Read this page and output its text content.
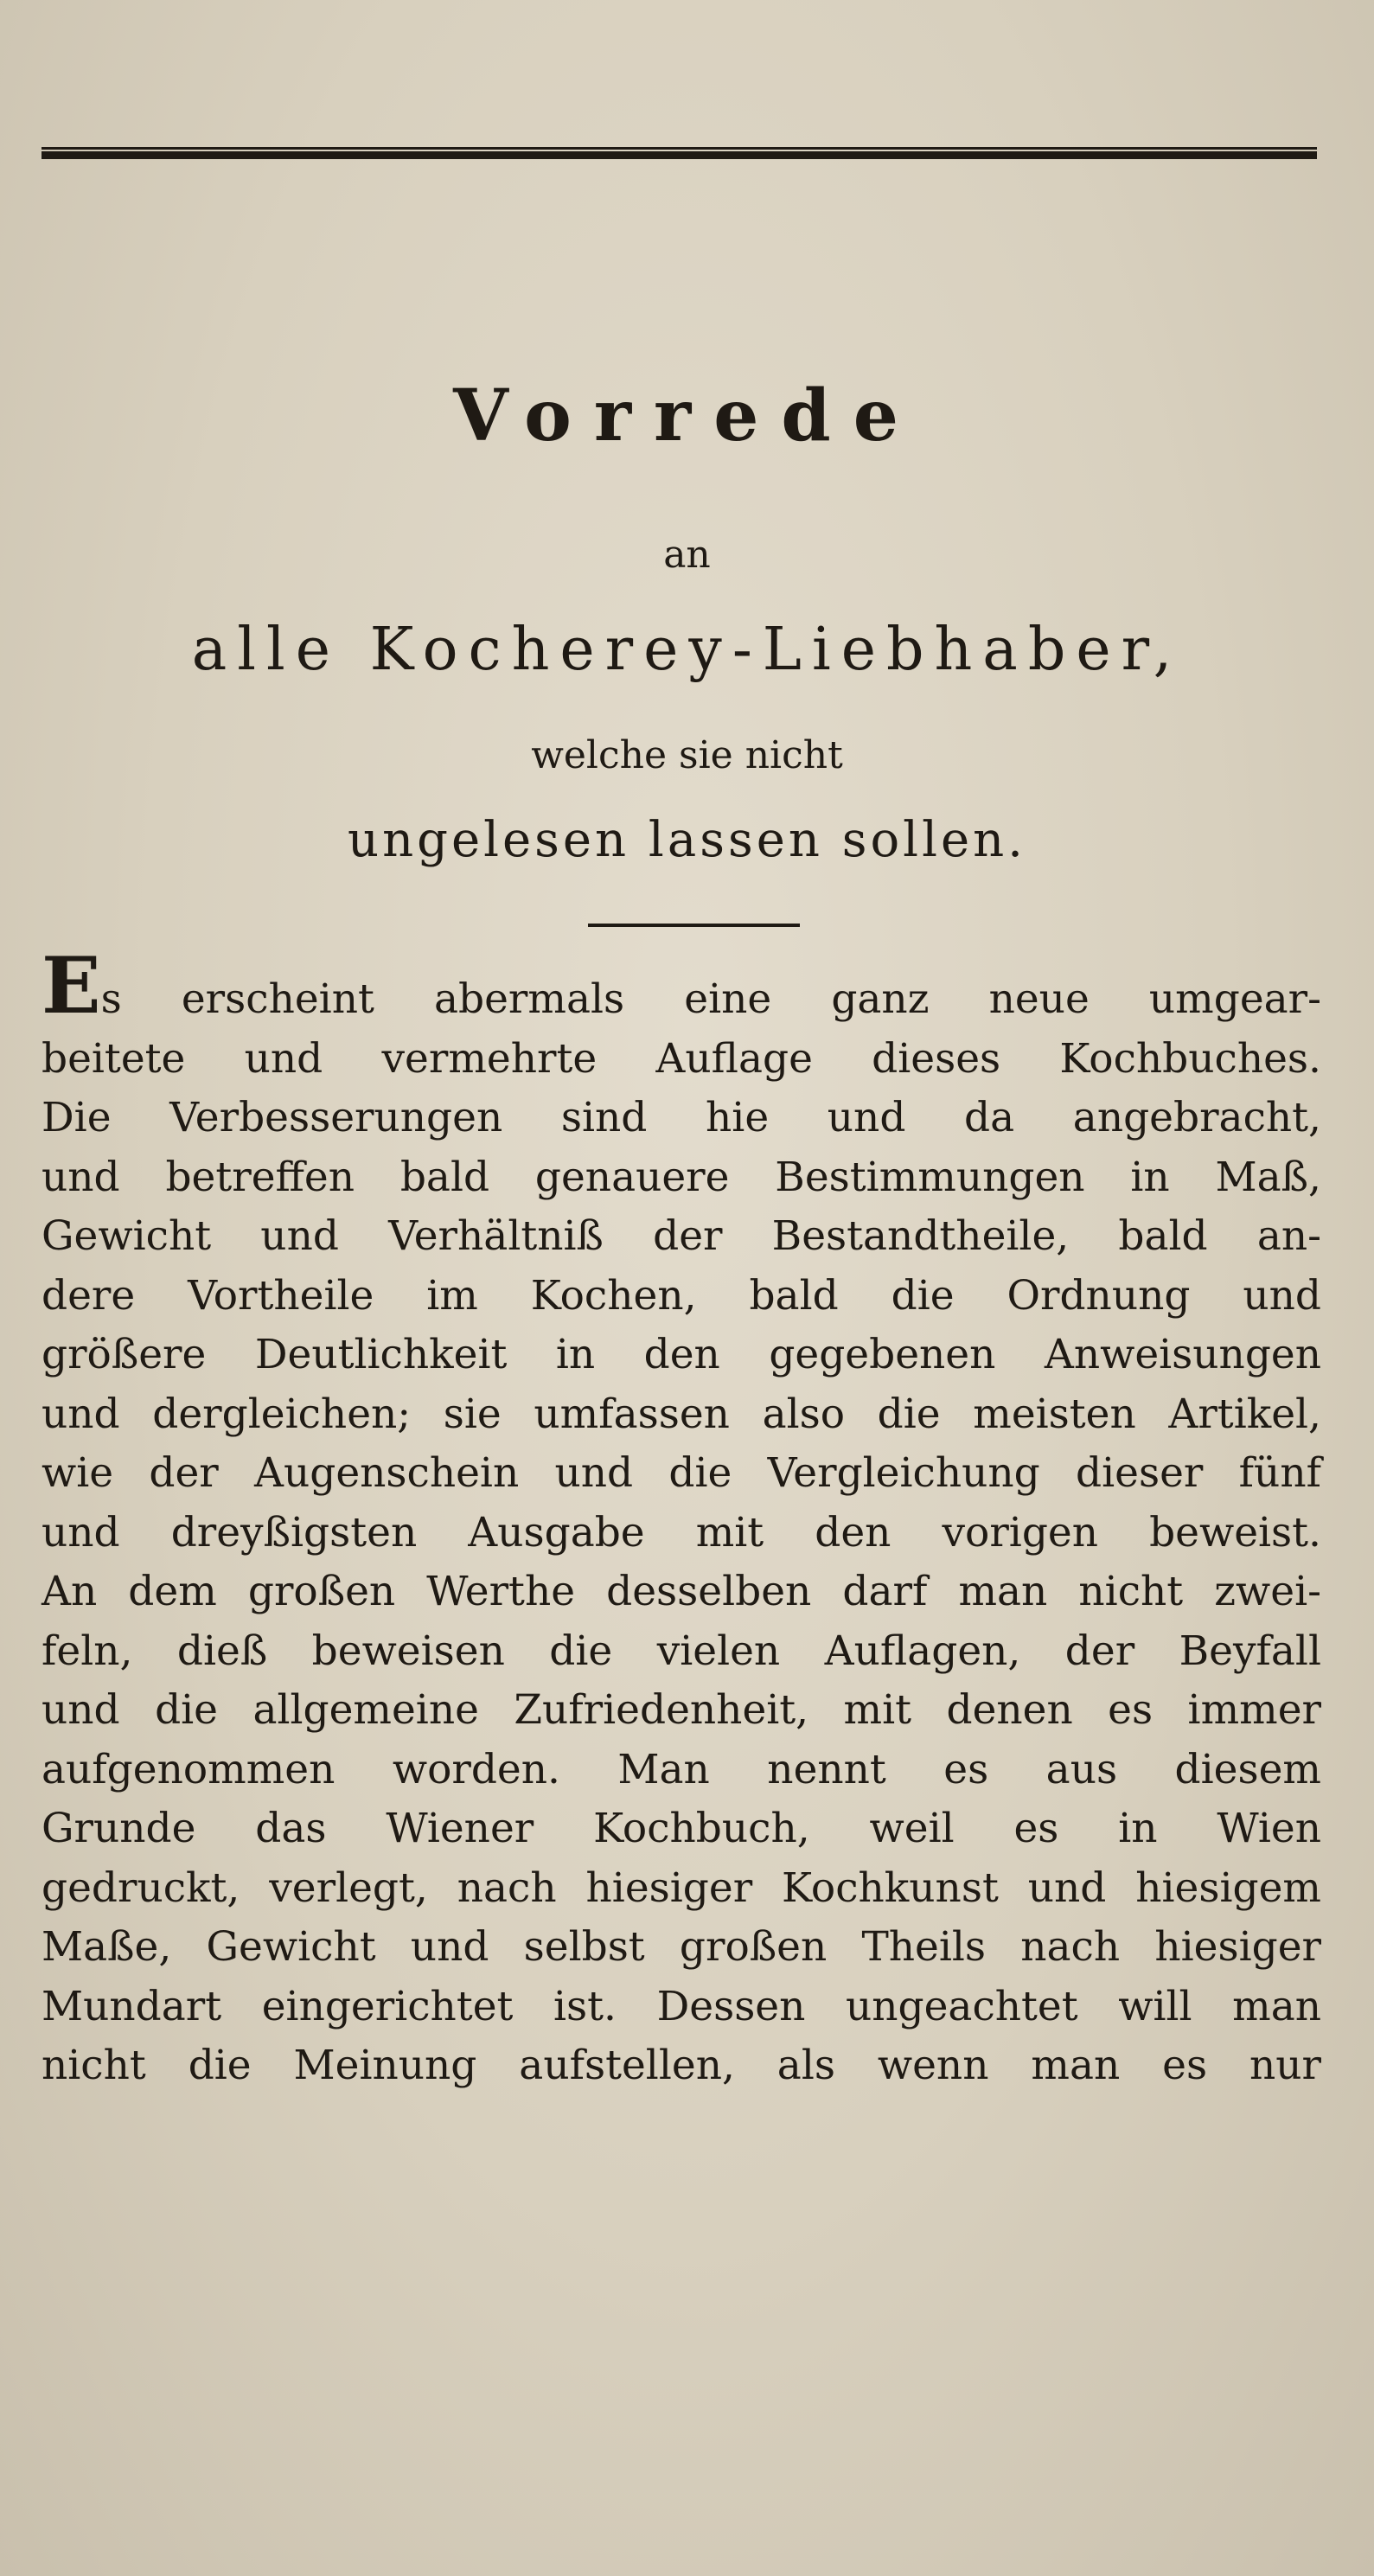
Vorrede
an
alle Kocherey-Liebhaber,
welche sie nicht
ungelesen lassen sollen.
Es erscheint abermals eine ganz neue umgear-
beitete und vermehrte Auflage dieses Kochbuches.
Die Verbesserungen sind hie und da angebracht,
und betreffen bald genauere Bestimmungen in Maß,
Gewicht und Verhältniß der Bestandtheile, bald an-
dere Vortheile im Kochen, bald die Ordnung und
größere Deutlichkeit in den gegebenen Anweisungen
und dergleichen; sie umfassen also die meisten Artikel,
wie der Augenschein und die Vergleichung dieser fünf
und dreyßigsten Ausgabe mit den vorigen beweist.
An dem großen Werthe desselben darf man nicht zwei-
feln, dieß beweisen die vielen Auflagen, der Beyfall
und die allgemeine Zufriedenheit, mit denen es immer
aufgenommen worden. Man nennt es aus diesem
Grunde das Wiener Kochbuch, weil es in Wien
gedruckt, verlegt, nach hiesiger Kochkunst und hiesigem
Maße, Gewicht und selbst großen Theils nach hiesiger
Mundart eingerichtet ist. Dessen ungeachtet will man
nicht die Meinung aufstellen, als wenn man es nur
